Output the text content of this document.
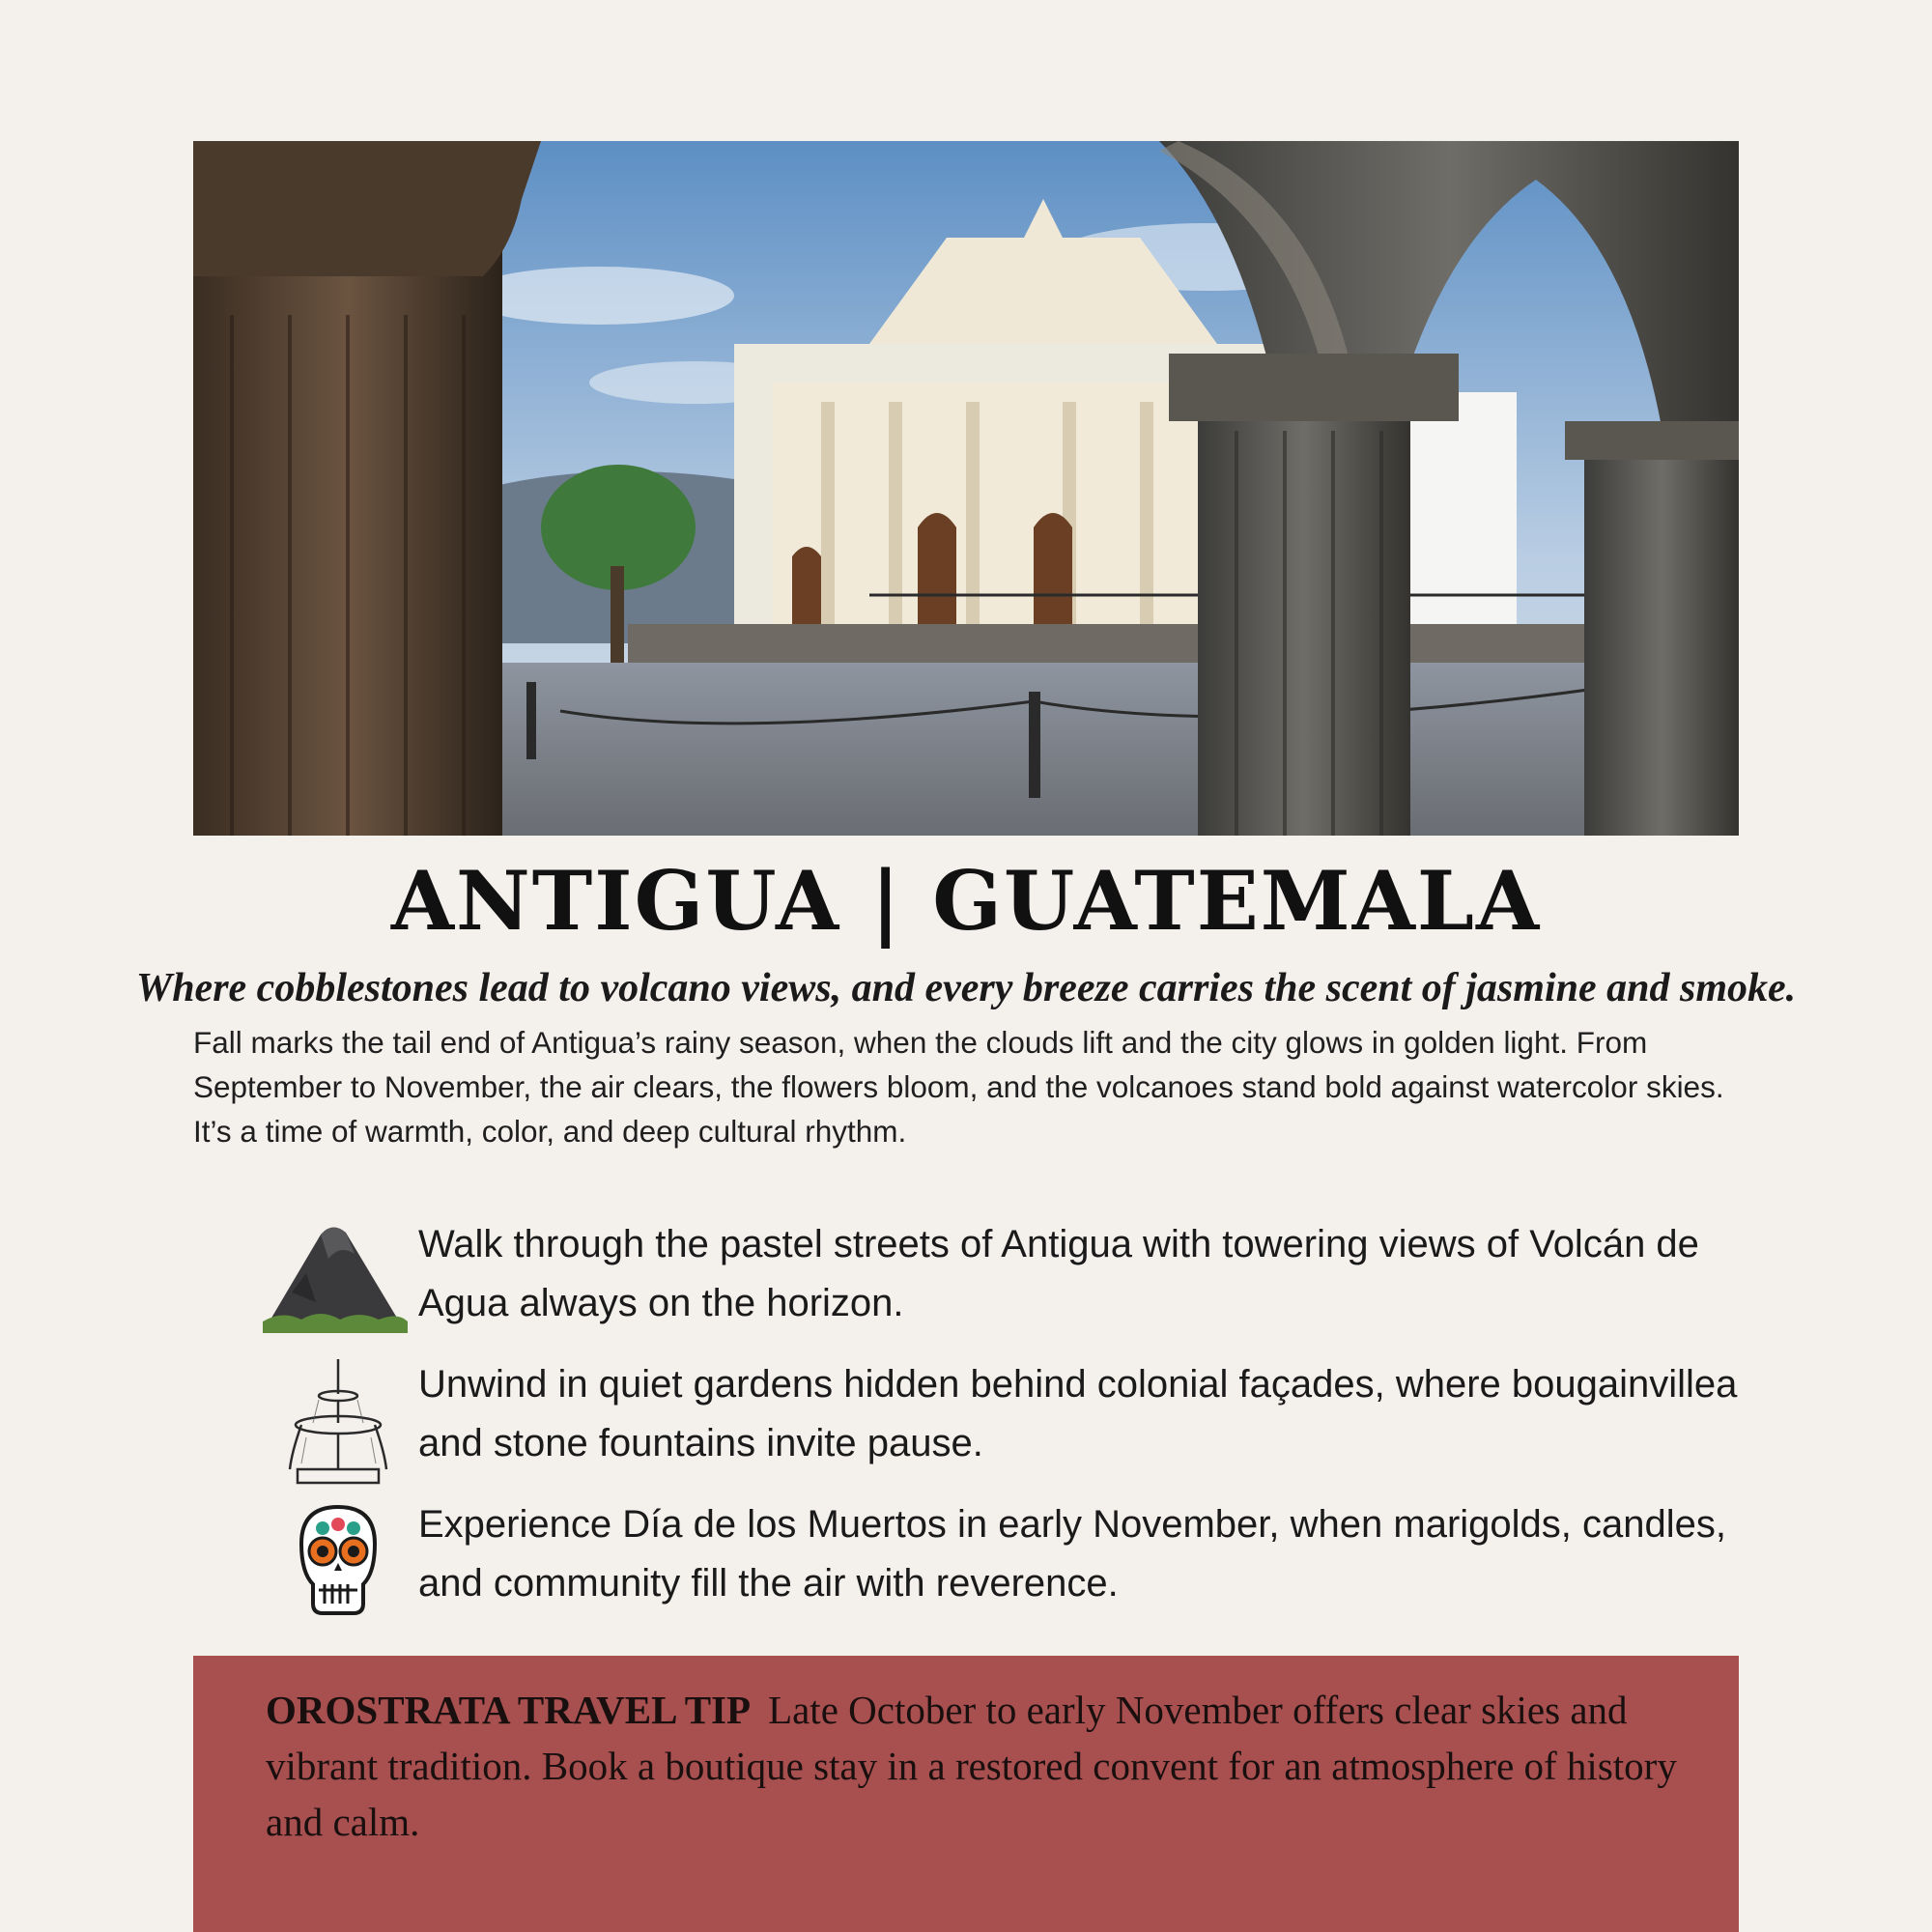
ANTIGUA | GUATEMALA
Where cobblestones lead to volcano views, and every breeze carries the scent of jasmine and smoke.
Fall marks the tail end of Antigua’s rainy season, when the clouds lift and the city glows in golden light. From September to November, the air clears, the flowers bloom, and the volcanoes stand bold against watercolor skies. It’s a time of warmth, color, and deep cultural rhythm.
Walk through the pastel streets of Antigua with towering views of Volcán de Agua always on the horizon.
Unwind in quiet gardens hidden behind colonial façades, where bougainvillea and stone fountains invite pause.
Experience Día de los Muertos in early November, when marigolds, candles, and community fill the air with reverence.
OROSTRATA TRAVEL TIP Late October to early November offers clear skies and vibrant tradition. Book a boutique stay in a restored convent for an atmosphere of history and calm.
